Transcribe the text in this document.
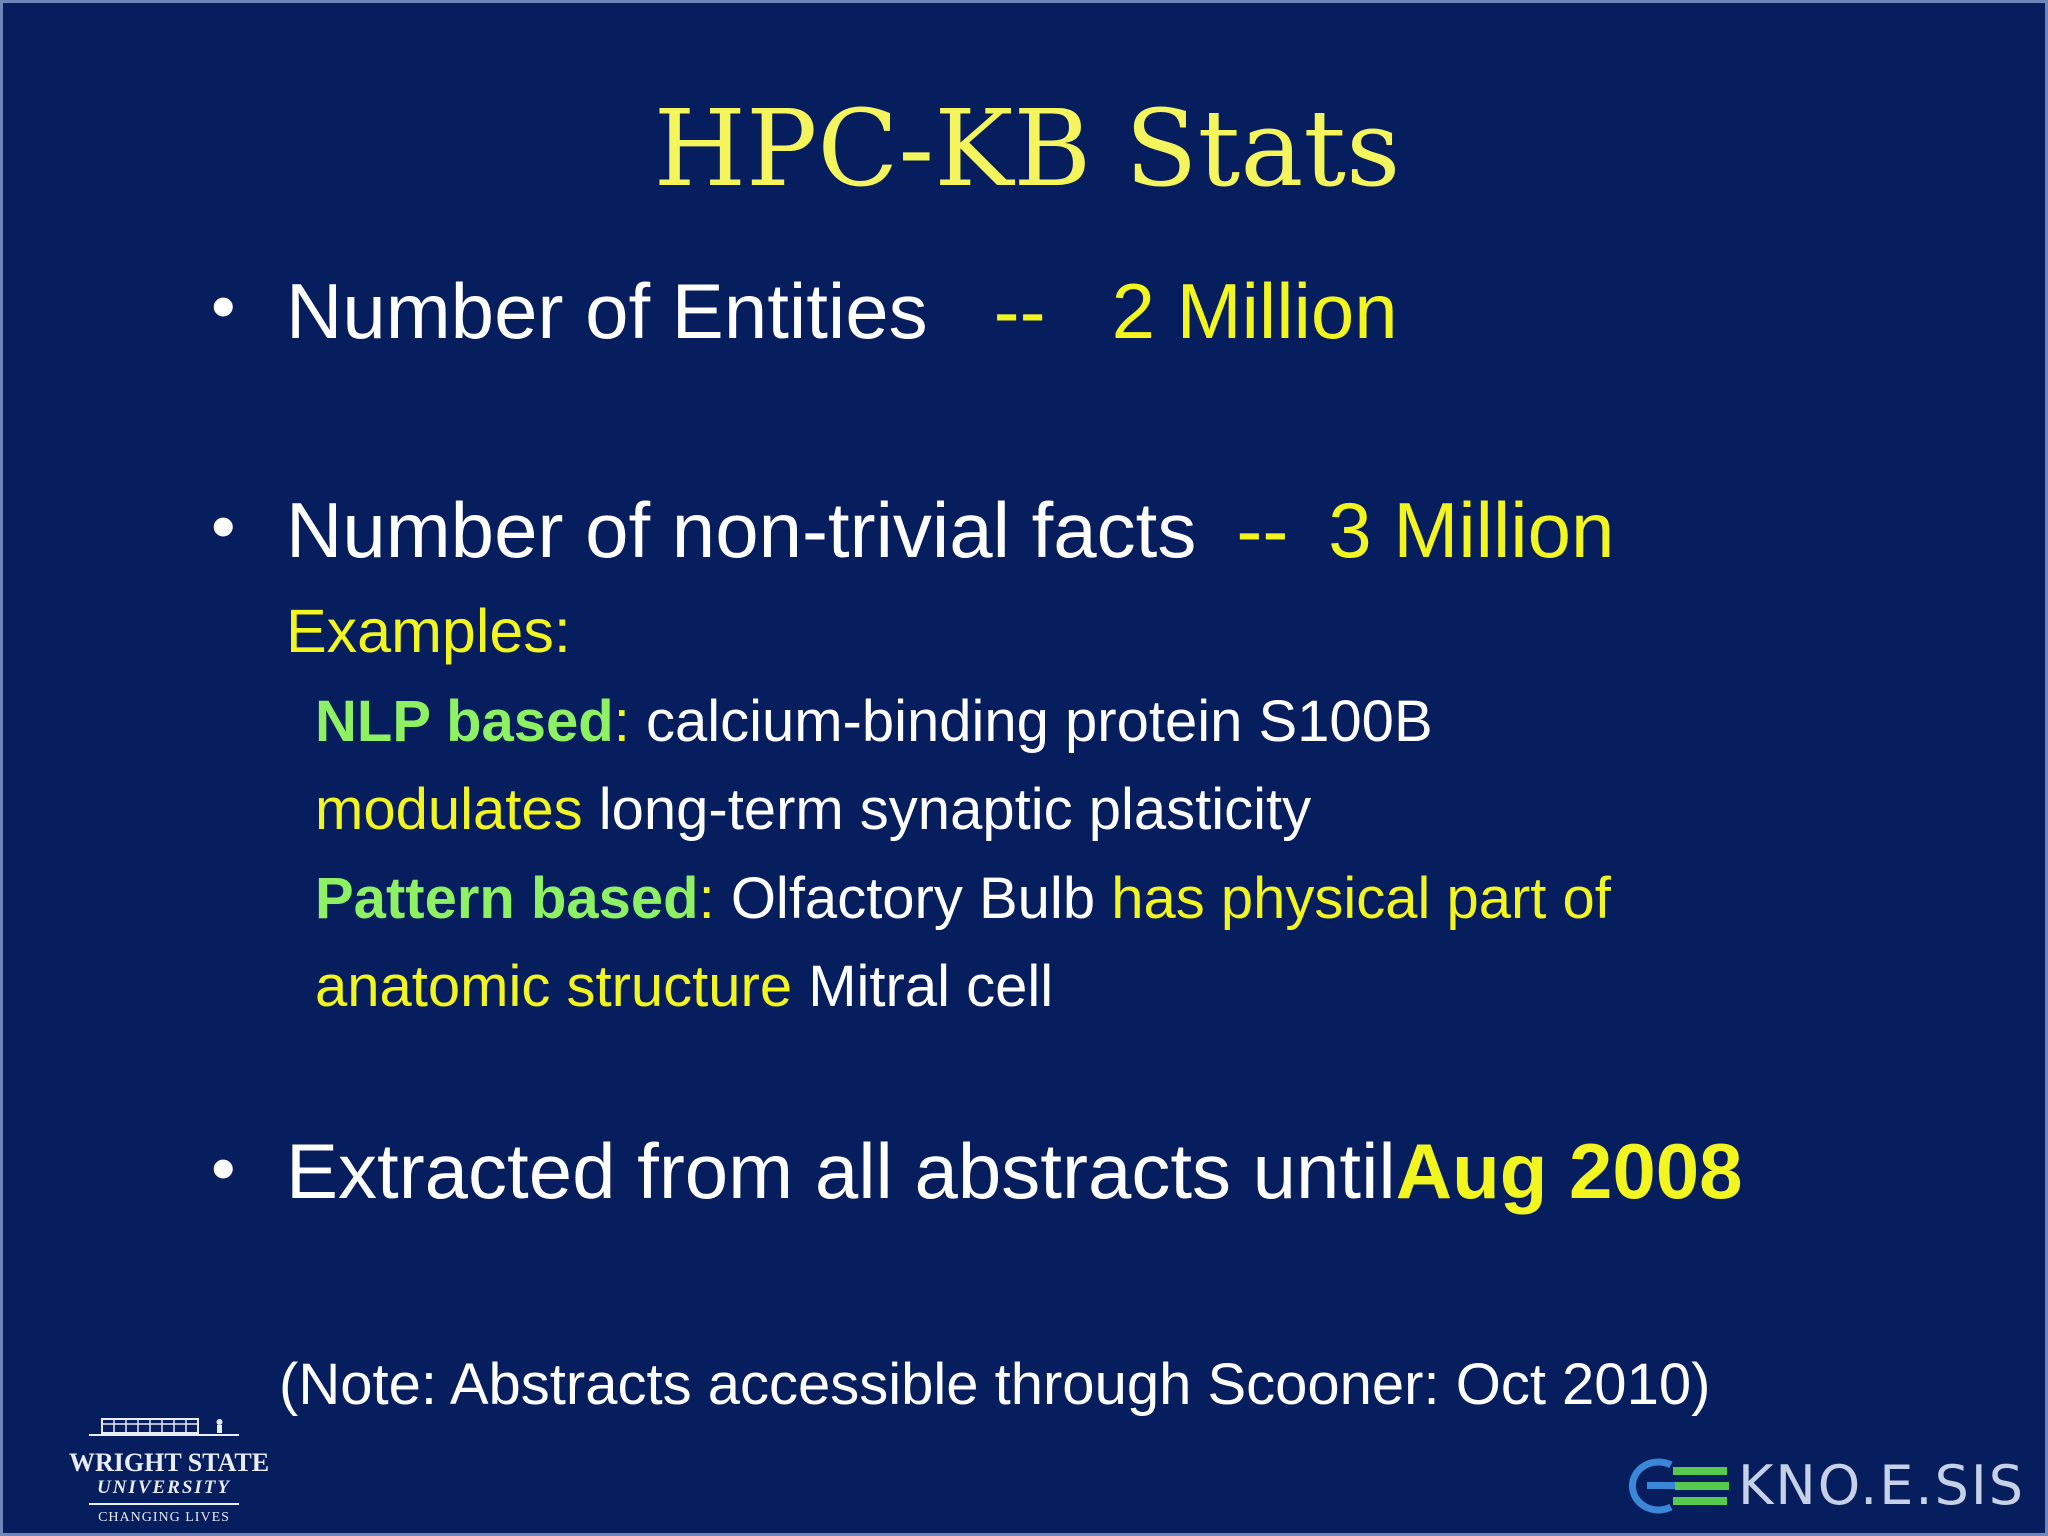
HPC-KB Stats
• Number of Entities -- 2 Million
• Number of non-trivial facts -- 3 Million
Examples:
NLP based: calcium-binding protein S100B
modulates long-term synaptic plasticity
Pattern based: Olfactory Bulb has physical part of
anatomic structure Mitral cell
• Extracted from all abstracts untilAug 2008
(Note: Abstracts accessible through Scooner: Oct 2010)
WRIGHT STATE
UNIVERSITY
CHANGING LIVES
KNO.E.SIS
